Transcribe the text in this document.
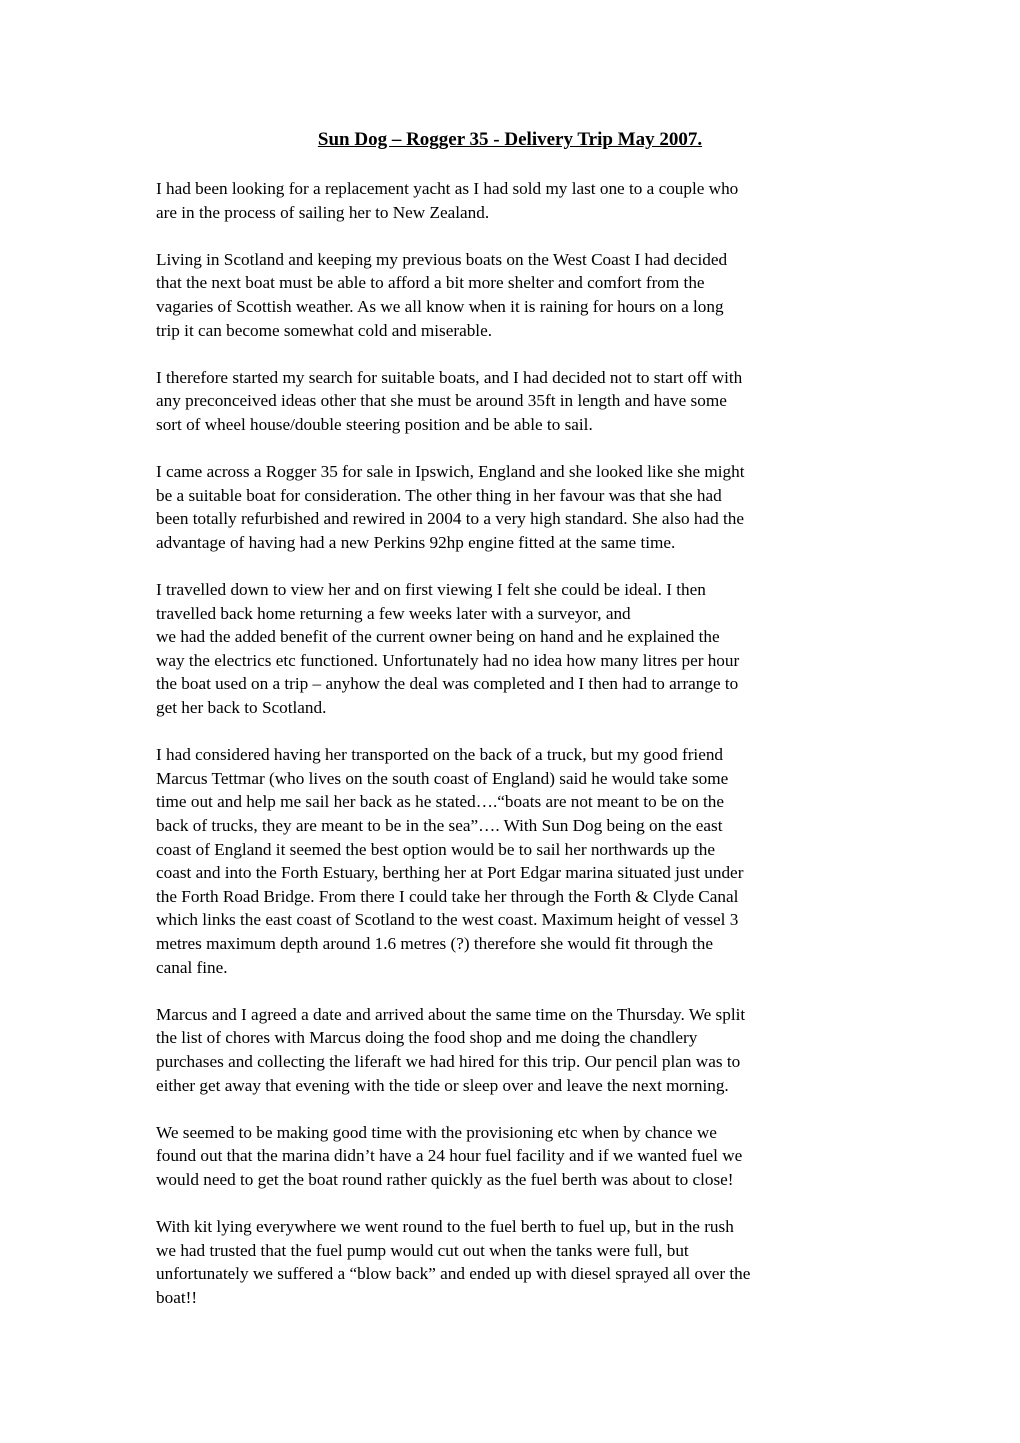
Sun Dog – Rogger 35 - Delivery Trip May 2007.

I had been looking for a replacement yacht as I had sold my last one to a couple who
are in the process of sailing her to New Zealand.

Living in Scotland and keeping my previous boats on the West Coast I had decided
that the next boat must be able to afford a bit more shelter and comfort from the
vagaries of Scottish weather. As we all know when it is raining for hours on a long
trip it can become somewhat cold and miserable.

I therefore started my search for suitable boats, and I had decided not to start off with
any preconceived ideas other that she must be around 35ft in length and have some
sort of wheel house/double steering position and be able to sail.

I came across a Rogger 35 for sale in Ipswich, England and she looked like she might
be a suitable boat for consideration. The other thing in her favour was that she had
been totally refurbished and rewired in 2004 to a very high standard. She also had the
advantage of having had a new Perkins 92hp engine fitted at the same time.

I travelled down to view her and on first viewing I felt she could be ideal. I then
travelled back home returning a few weeks later with a surveyor, and
we had the added benefit of the current owner being on hand and he explained the
way the electrics etc functioned. Unfortunately had no idea how many litres per hour
the boat used on a trip – anyhow the deal was completed and I then had to arrange to
get her back to Scotland.

I had considered having her transported on the back of a truck, but my good friend
Marcus Tettmar (who lives on the south coast of England) said he would take some
time out and help me sail her back as he stated….“boats are not meant to be on the
back of trucks, they are meant to be in the sea”…. With Sun Dog being on the east
coast of England it seemed the best option would be to sail her northwards up the
coast and into the Forth Estuary, berthing her at Port Edgar marina situated just under
the Forth Road Bridge. From there I could take her through the Forth & Clyde Canal
which links the east coast of Scotland to the west coast. Maximum height of vessel 3
metres maximum depth around 1.6 metres (?) therefore she would fit through the
canal fine.

Marcus and I agreed a date and arrived about the same time on the Thursday. We split
the list of chores with Marcus doing the food shop and me doing the chandlery
purchases and collecting the liferaft we had hired for this trip. Our pencil plan was to
either get away that evening with the tide or sleep over and leave the next morning.

We seemed to be making good time with the provisioning etc when by chance we
found out that the marina didn’t have a 24 hour fuel facility and if we wanted fuel we
would need to get the boat round rather quickly as the fuel berth was about to close!

With kit lying everywhere we went round to the fuel berth to fuel up, but in the rush
we had trusted that the fuel pump would cut out when the tanks were full, but
unfortunately we suffered a “blow back” and ended up with diesel sprayed all over the
boat!!
